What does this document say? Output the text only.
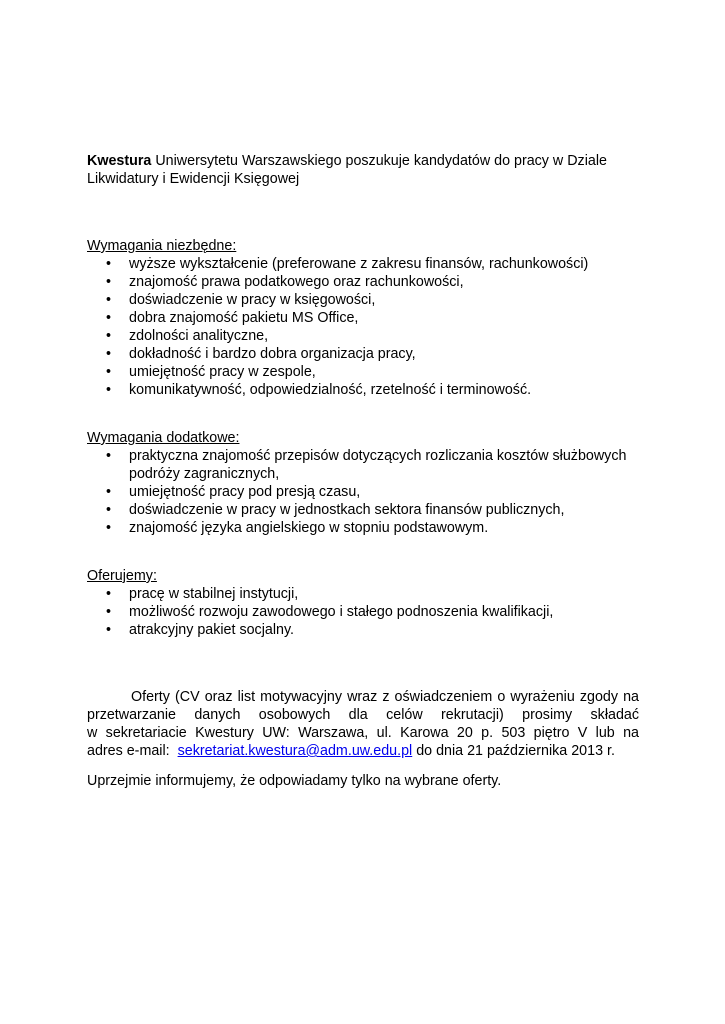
Kwestura Uniwersytetu Warszawskiego poszukuje kandydatów do pracy w Dziale Likwidatury i Ewidencji Księgowej
Wymagania niezbędne:
• wyższe wykształcenie (preferowane z zakresu finansów, rachunkowości)
• znajomość prawa podatkowego oraz rachunkowości,
• doświadczenie w pracy w księgowości,
• dobra znajomość pakietu MS Office,
• zdolności analityczne,
• dokładność i bardzo dobra organizacja pracy,
• umiejętność pracy w zespole,
• komunikatywność, odpowiedzialność, rzetelność i terminowość.
Wymagania dodatkowe:
• praktyczna znajomość przepisów dotyczących rozliczania kosztów służbowych podróży zagranicznych,
• umiejętność pracy pod presją czasu,
• doświadczenie w pracy w jednostkach sektora finansów publicznych,
• znajomość języka angielskiego w stopniu podstawowym.
Oferujemy:
• pracę w stabilnej instytucji,
• możliwość rozwoju zawodowego i stałego podnoszenia kwalifikacji,
• atrakcyjny pakiet socjalny.
Oferty (CV oraz list motywacyjny wraz z oświadczeniem o wyrażeniu zgody na
przetwarzanie danych osobowych dla celów rekrutacji) prosimy składać
w sekretariacie Kwestury UW: Warszawa, ul. Karowa 20 p. 503 piętro V lub na
adres e-mail: sekretariat.kwestura@adm.uw.edu.pl do dnia 21 października 2013 r.
Uprzejmie informujemy, że odpowiadamy tylko na wybrane oferty.
